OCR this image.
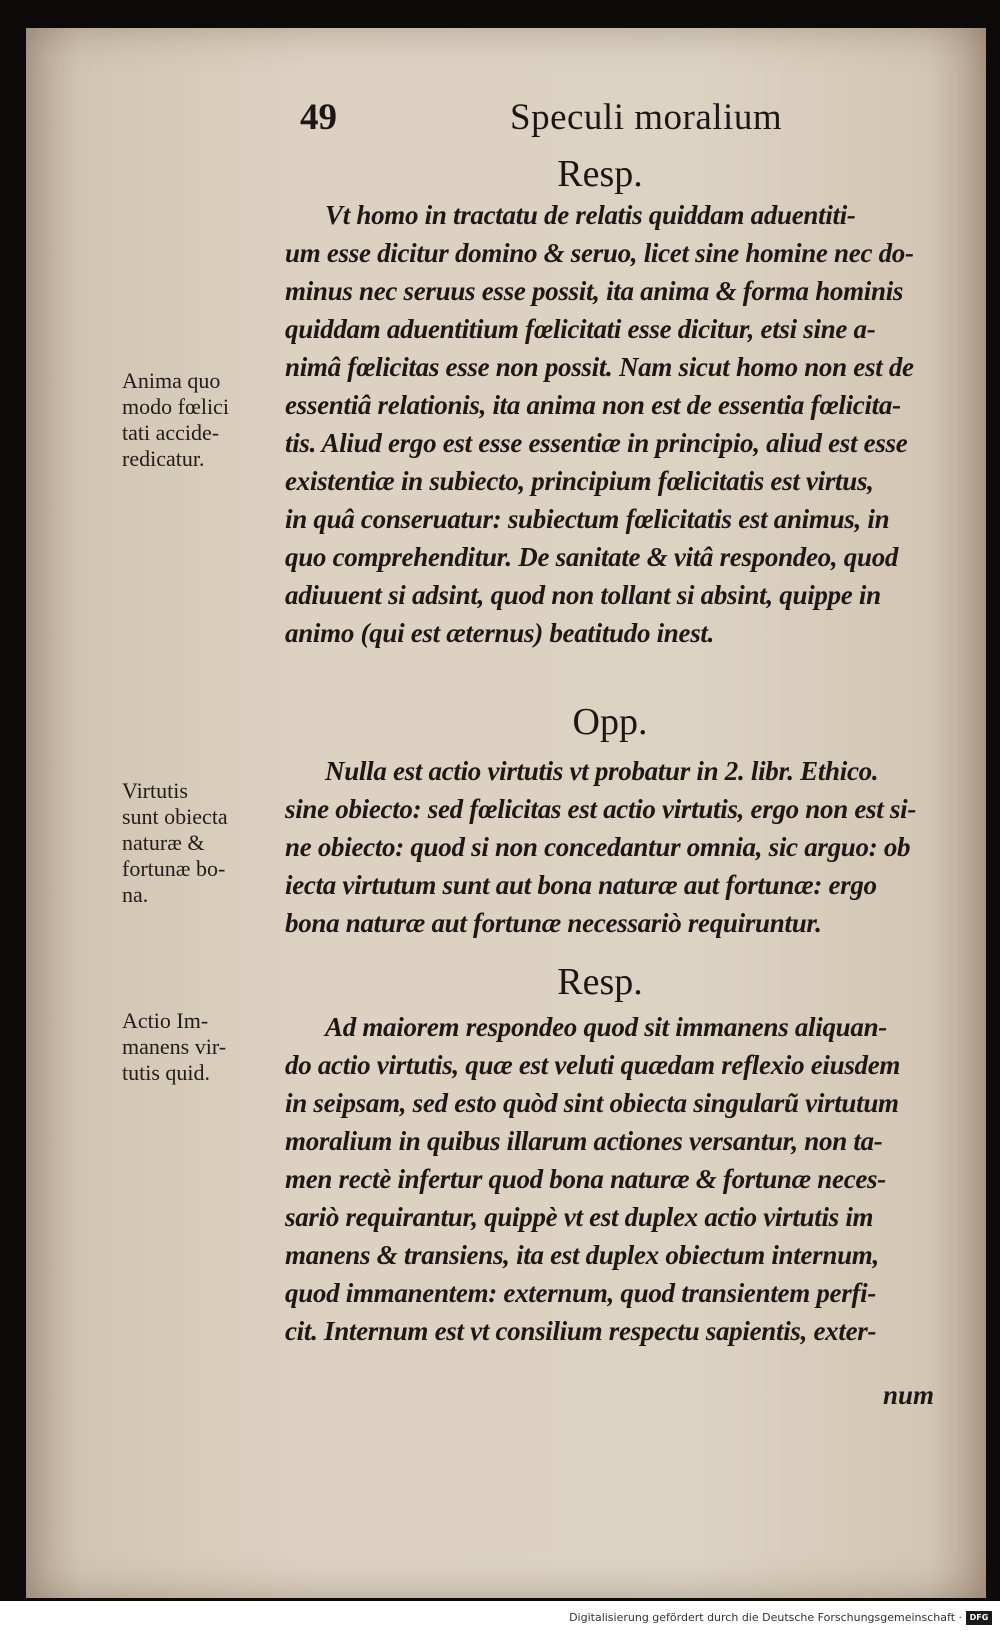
49	Speculi moralium
Resp.
Vt homo in tractatu de relatis quiddam aduentiti-
um esse dicitur domino & seruo, licet sine homine nec do-
minus nec seruus esse possit, ita anima & forma hominis
quiddam aduentitium fœlicitati esse dicitur, etsi sine a-
nimâ fœlicitas esse non possit. Nam sicut homo non est de
essentiâ relationis, ita anima non est de essentia fœlicita-
tis. Aliud ergo est esse essentiæ in principio, aliud est esse
existentiæ in subiecto, principium fœlicitatis est virtus,
in quâ conseruatur: subiectum fœlicitatis est animus, in
quo comprehenditur. De sanitate & vitâ respondeo, quod
adiuuent si adsint, quod non tollant si absint, quippe in
animo (qui est æternus) beatitudo inest.
Opp.
Nulla est actio virtutis vt probatur in 2. libr. Ethico.
sine obiecto: sed fœlicitas est actio virtutis, ergo non est si-
ne obiecto: quod si non concedantur omnia, sic arguo: ob
iecta virtutum sunt aut bona naturæ aut fortunæ: ergo
bona naturæ aut fortunæ necessariò requiruntur.
Resp.
Ad maiorem respondeo quod sit immanens aliquan-
do actio virtutis, quæ est veluti quædam reflexio eiusdem
in seipsam, sed esto quòd sint obiecta singularũ virtutum
moralium in quibus illarum actiones versantur, non ta-
men rectè infertur quod bona naturæ & fortunæ neces-
sariò requirantur, quippè vt est duplex actio virtutis im
manens & transiens, ita est duplex obiectum internum,
quod immanentem: externum, quod transientem perfi-
cit. Internum est vt consilium respectu sapientis, exter-
num
Anima quo
modo fœlici
tati accide-
redicatur.
Virtutis
sunt obiecta
naturæ &
fortunæ bo-
na.
Actio Im-
manens vir-
tutis quid.
Digitalisierung gefördert durch die Deutsche Forschungsgemeinschaft · DFG
